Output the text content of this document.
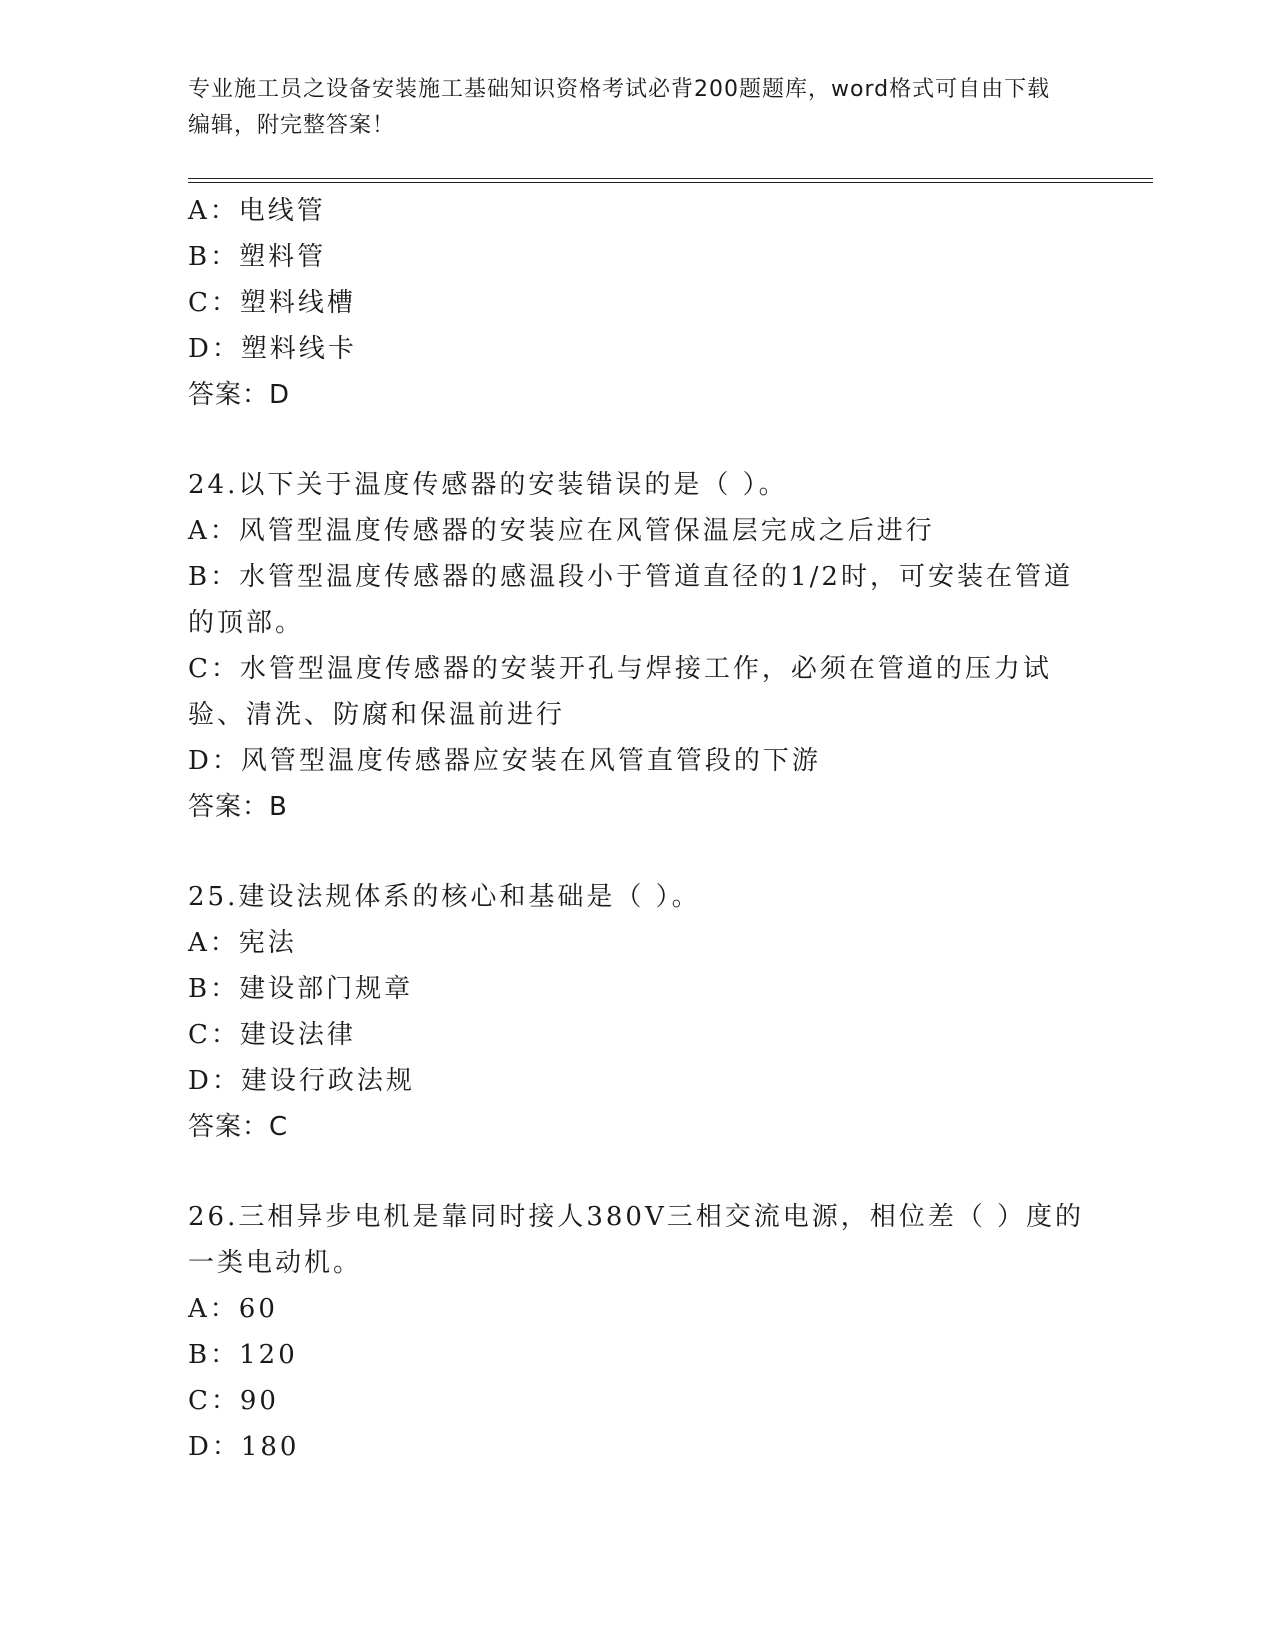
专业施工员之设备安装施工基础知识资格考试必背200题题库，word格式可自由下载编辑，附完整答案！
A：电线管
B：塑料管
C：塑料线槽
D：塑料线卡
答案：D
24.以下关于温度传感器的安装错误的是（ ）。
A：风管型温度传感器的安装应在风管保温层完成之后进行
B：水管型温度传感器的感温段小于管道直径的1/2时，可安装在管道的顶部。
C：水管型温度传感器的安装开孔与焊接工作，必须在管道的压力试验、清洗、防腐和保温前进行
D：风管型温度传感器应安装在风管直管段的下游
答案：B
25.建设法规体系的核心和基础是（ ）。
A：宪法
B：建设部门规章
C：建设法律
D：建设行政法规
答案：C
26.三相异步电机是靠同时接人380V三相交流电源，相位差（ ）度的一类电动机。
A：60
B：120
C：90
D：180
